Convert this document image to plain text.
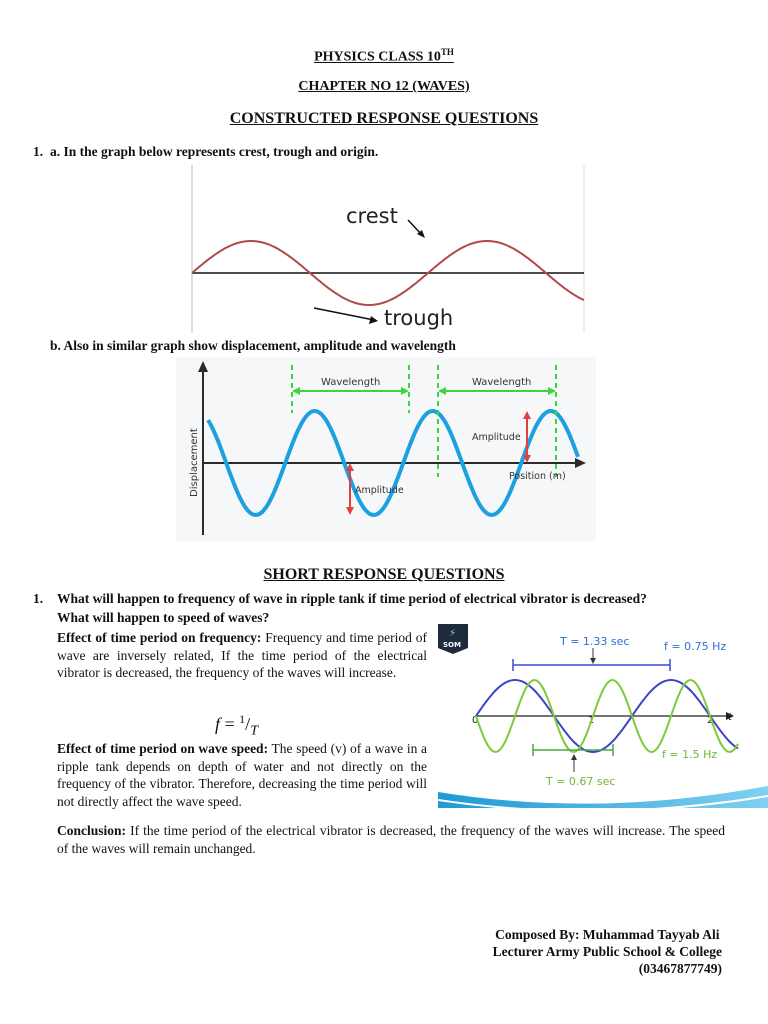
PHYSICS CLASS 10TH
CHAPTER NO 12 (WAVES)
CONSTRUCTED RESPONSE QUESTIONS
1. a. In the graph below represents crest, trough and origin.
crest
trough
b. Also in similar graph show displacement, amplitude and wavelength
Wavelength	Wavelength
Amplitude
Amplitude
Position (m)
Displacement
SHORT RESPONSE QUESTIONS
1. What will happen to frequency of wave in ripple tank if time period of electrical vibrator is decreased?
What will happen to speed of waves?
Effect of time period on frequency: Frequency and time period of wave are inversely related, If the time period of the electrical vibrator is decreased, the frequency of the waves will increase.
$f = ^1/_T$
Effect of time period on wave speed: The speed (v) of a wave in a ripple tank depends on depth of water and not directly on the frequency of the vibrator. Therefore, decreasing the time period will not directly affect the wave speed.
Conclusion: If the time period of the electrical vibrator is decreased, the frequency of the waves will increase. The speed of the waves will remain unchanged.
SOM
⚡
T = 1.33 sec	f = 0.75 Hz
0	1	2 t
T = 0.67 sec
f = 1.5 Hz
Composed By: Muhammad Tayyab Ali
Lecturer Army Public School & College
(03467877749)
